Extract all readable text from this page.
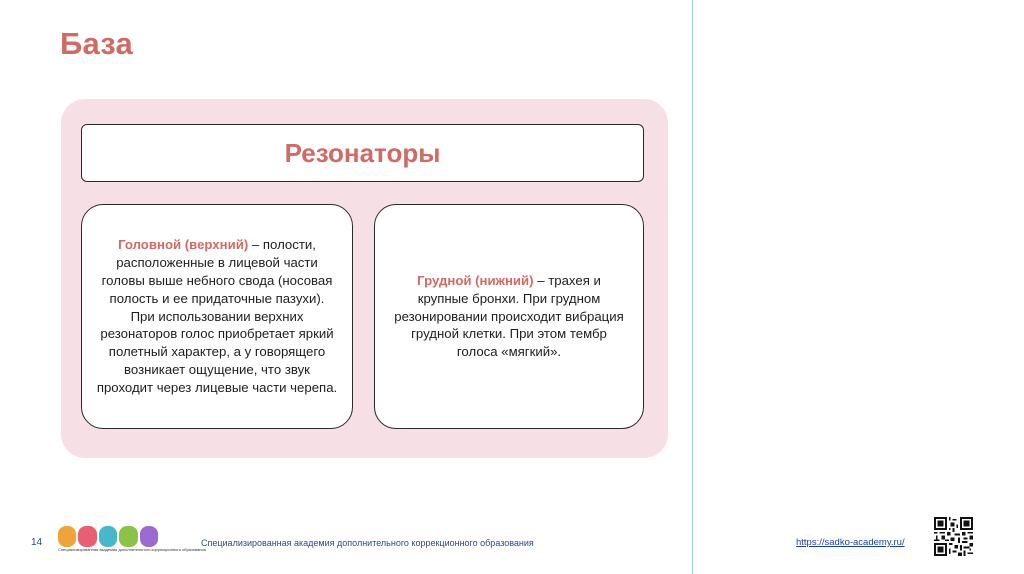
База
Резонаторы
Головной (верхний) – полости, расположенные в лицевой части головы выше небного свода (носовая полость и ее придаточные пазухи). При использовании верхних резонаторов голос приобретает яркий полетный характер, а у говорящего возникает ощущение, что звук проходит через лицевые части черепа.
Грудной (нижний) – трахея и крупные бронхи. При грудном резонировании происходит вибрация грудной клетки. При этом тембр голоса «мягкий».
14
Специализированная академия дополнительного коррекционного образования
Специализированная академия дополнительного коррекционного образования	https://sadko-academy.ru/
